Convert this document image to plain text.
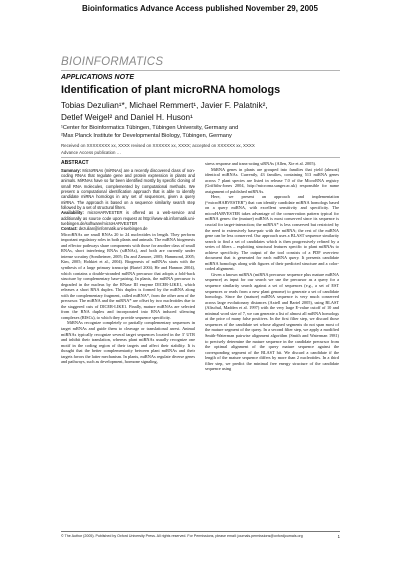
Bioinformatics Advance Access published November 29, 2005
BIOINFORMATICS
APPLICATIONS NOTE
Identification of plant microRNA homologs
Tobias Dezulian¹*, Michael Remmert¹, Javier F. Palatnik²,
Detlef Weigel² and Daniel H. Huson¹
¹Center for Bioinformatics Tübingen, Tübingen University, Germany and
²Max Planck Institute for Developmental Biology, Tübingen, Germany
Received on XXXXXXXX xx, XXXX revised on XXXXXX xx, XXXX; accepted on XXXXXX xx, XXXX
Advance Access publication …
ABSTRACT

Summary: MicroRNAs (miRNAs) are a recently discovered class of non-coding RNAs that regulate gene and protein expression in plants and animals. MiRNAs have so far been identified mostly by specific cloning of small RNA molecules, complemented by computational methods. We present a computational identification approach that is able to identify candidate miRNA homologs in any set of sequences, given a query miRNA. The approach is based on a sequence similarity search step followed by a set of structural filters.

Availability: microHARVESTER is offered as a web-service and additionally as source code upon request at http://www-ab.informatik.uni-tuebingen.de/software/microHARVESTER
Contact: dezulian@informatik.uni-tuebingen.de

MicroRNAs are small RNAs 20 to 24 nucleotides in length. They perform important regulatory roles in both plants and animals. The miRNA biogenesis and effector pathways share components with those for another class of small RNAs, short interfering RNAs (siRNAs), and both are currently under intense scrutiny (Sontheimer, 2005; Du and Zamore, 2005; Hammond, 2005; Kim, 2005; Hohkiet et al., 2004). Biogenesis of miRNAs starts with the synthesis of a large primary transcript (Bartel 2004; He and Hannon 2004), which contains a double-stranded miRNA precursor that adopts a fold-back structure by complementary base-pairing. In plants, the miRNA precursor is degraded in the nucleus by the RNase III enzyme DICER-LIKE1, which releases a short RNA duplex. This duplex is formed by the miRNA along with the complementary fragment, called miRNA*, from the other arm of the precursor. The miRNA and the miRNA* are offset by two nucleotides due to the staggered cuts of DICER-LIKE1. Finally, mature miRNAs are selected from the RNA duplex and incorporated into RNA induced silencing complexes (RISCs), to which they provide sequence specificity.

MiRNAs recognize completely or partially complementary sequences in target mRNAs and guide them to cleavage or translational arrest. Animal miRNAs typically recognize several target sequences located in the 3′ UTR and inhibit their translation, whereas plant miRNAs usually recognize one motif in the coding region of their targets and affect their stability. It is thought that the better complementarity between plant miRNAs and their targets favors the latter mechanism. In plants, miRNAs regulate diverse genes and pathways, such as development, hormone signaling,

stress response and trans-acting siRNAs (Allen, Xie et al. 2005).

MiRNA genes in plants are grouped into families that yield (almost) identical miRNAs. Currently, 43 families, containing 513 miRNA genes across 7 plant species are listed in release 7.0 of the MicroRNA registry (Griffiths-Jones 2004, http://microrna.sanger.ac.uk) responsible for name assignment of published miRNAs.

Here, we present an approach and implementation (“microHARVESTER”) that can identify candidate miRNA homologs based on a query miRNA, with excellent sensitivity and specificity. The microHARVESTER takes advantage of the conservation pattern typical for miRNA genes: the (mature) miRNA is most conserved since its sequence is crucial for target-interaction; the miRNA* is less conserved but restricted by the need to extensively base-pair with the miRNA; the rest of the miRNA gene can be less conserved. Our approach uses a BLAST sequence similarity search to find a set of candidates which is then progressively refined by a series of filters – exploiting structural features specific to plant miRNAs to achieve specificity. The output of the tool consists of a PDF overview document that is generated for each miRNA query. It presents candidate miRNA homologs along with figures of their predicted structure and a color-coded alignment.

Given a known miRNA (miRNA precursor sequence plus mature miRNA sequence) as input for our search we use the precursor as a query for a sequence similarity search against a set of sequences (e.g., a set of EST sequences or reads from a new plant genome) to generate a set of candidate homologs. Since the (mature) miRNA sequence is very much conserved across large evolutionary distances (Axtell and Bartel 2005), using BLAST (Altschul, Madden et al. 1997) with the very large E-value cutoff of 10 and minimal word size of 7, we can generate a list of almost all miRNA homologs at the price of many false positives. In the first filter step, we discard those sequences of the candidate set whose aligned segments do not span most of the mature segment of the query. In a second filter step, we apply a modified Smith-Waterman pairwise alignment algorithm (Smith and Waterman 1981) to precisely determine the mature sequence in the candidate precursor from the optimal alignment of the query mature sequence against the corresponding segment of the BLAST hit. We discard a candidate if the length of the mature sequence differs by more than 2 nucleotides. In a third filter step, we predict the minimal free energy structure of the candidate sequence using

© The Author (2005). Published by Oxford University Press. All rights reserved. For Permissions, please email: journals.permissions@oxfordjournals.org	1
